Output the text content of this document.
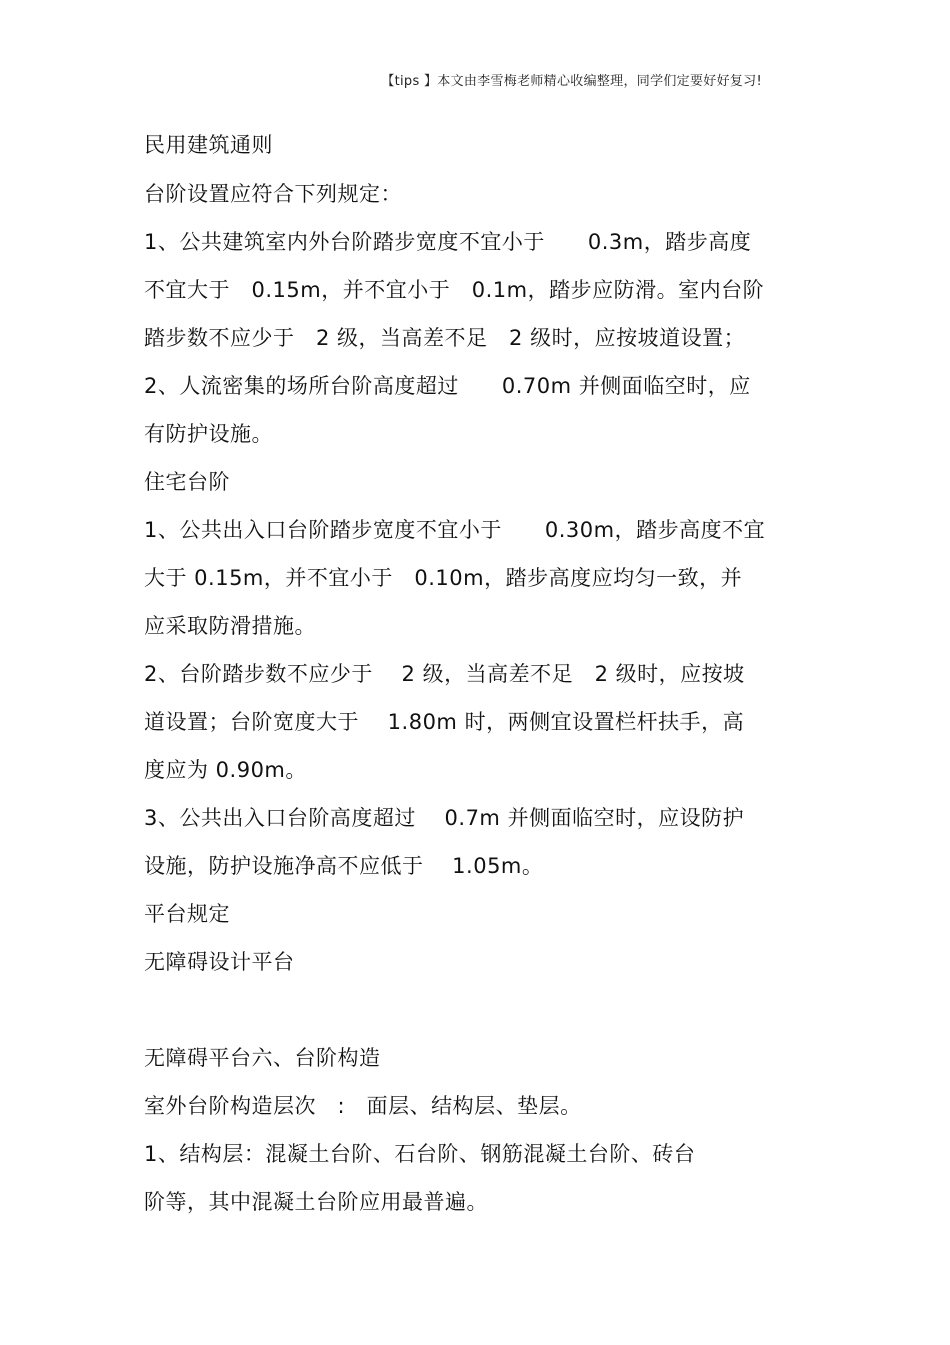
【tips 】本文由李雪梅老师精心收编整理，同学们定要好好复习!
民用建筑通则
台阶设置应符合下列规定：
1、公共建筑室内外台阶踏步宽度不宜小于　　0.3m，踏步高度
不宜大于　0.15m，并不宜小于　0.1m，踏步应防滑。室内台阶
踏步数不应少于　2 级，当高差不足　2 级时，应按坡道设置；
2、人流密集的场所台阶高度超过　　0.70m 并侧面临空时，应
有防护设施。
住宅台阶
1、公共出入口台阶踏步宽度不宜小于　　0.30m，踏步高度不宜
大于 0.15m，并不宜小于　0.10m，踏步高度应均匀一致，并
应采取防滑措施。
2、台阶踏步数不应少于　 2 级，当高差不足　2 级时，应按坡
道设置；台阶宽度大于　 1.80m 时，两侧宜设置栏杆扶手，高
度应为 0.90m。
3、公共出入口台阶高度超过　 0.7m 并侧面临空时，应设防护
设施，防护设施净高不应低于　 1.05m。
平台规定
无障碍设计平台
无障碍平台六、台阶构造
室外台阶构造层次　:　面层、结构层、垫层。
1、结构层：混凝土台阶、石台阶、钢筋混凝土台阶、砖台
阶等，其中混凝土台阶应用最普遍。
